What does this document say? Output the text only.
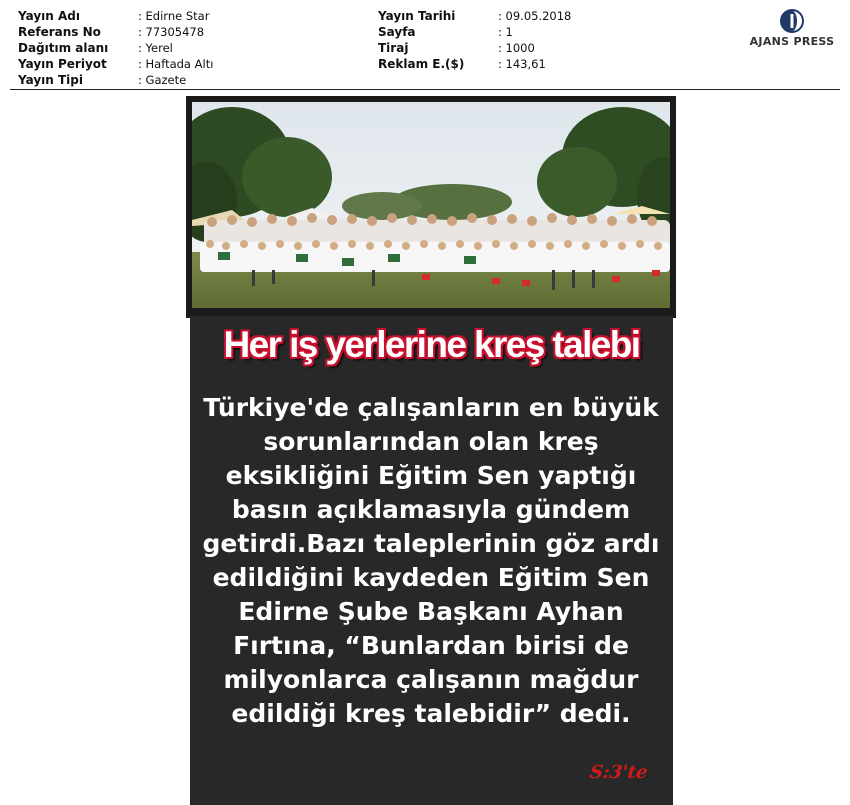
Yayın Adı	: Edirne Star
Referans No	: 77305478
Dağıtım alanı	: Yerel
Yayın Periyot	: Haftada Altı
Yayın Tipi	: Gazete
Yayın Tarihi	: 09.05.2018
Sayfa	: 1
Tiraj	: 1000
Reklam E.($)	: 143,61
AJANS PRESS
Her iş yerlerine kreş talebi
Türkiye'de çalışanların en büyük sorunlarından olan kreş eksikliğini Eğitim Sen yaptığı basın açıklamasıyla gündem getirdi.Bazı taleplerinin göz ardı edildiğini kaydeden Eğitim Sen Edirne Şube Başkanı Ayhan Fırtına, “Bunlardan birisi de milyonlarca çalışanın mağdur edildiği kreş talebidir” dedi.
S:3'te
